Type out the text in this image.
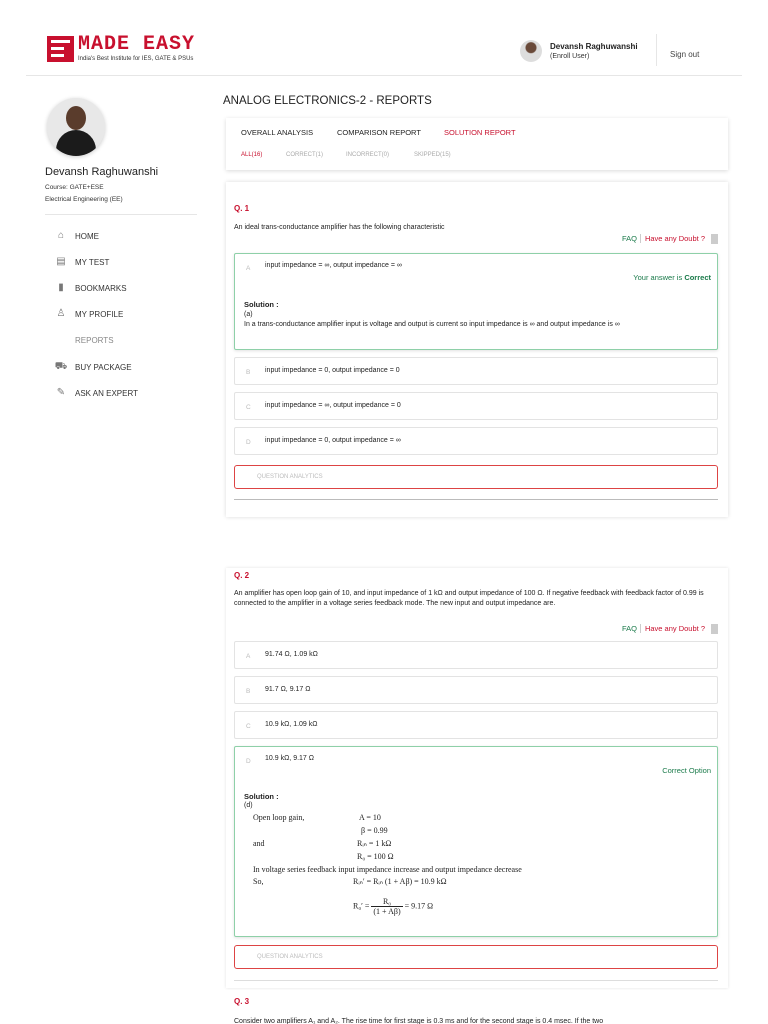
MADE EASY
India's Best Institute for IES, GATE & PSUs
Devansh Raghuwanshi
(Enroll User)	Sign out
Devansh Raghuwanshi
Course: GATE+ESE
Electrical Engineering (EE)
⌂	HOME
▤ MY TEST
▮	BOOKMARKS
♙	MY PROFILE
REPORTS
⛟ BUY PACKAGE
✎	ASK AN EXPERT
ANALOG ELECTRONICS-2 - REPORTS
OVERALL ANALYSIS	COMPARISON REPORT	SOLUTION REPORT
ALL(16)	CORRECT(1)	INCORRECT(0)	SKIPPED(15)
Q. 1
An ideal trans-conductance amplifier has the following characteristic
FAQ Have any Doubt ?
A input impedance = ∞, output impedance = ∞
Your answer is Correct
Solution :
(a)
In a trans-conductance amplifier input is voltage and output is current so input impedance is ∞ and output impedance is ∞
B input impedance = 0, output impedance = 0
C input impedance = ∞, output impedance = 0
D input impedance = 0, output impedance = ∞
QUESTION ANALYTICS
Q. 2
An amplifier has open loop gain of 10, and input impedance of 1 kΩ and output impedance of 100 Ω. If negative feedback with feedback factor of 0.99 is connected to the amplifier in a voltage series feedback mode. The new input and output impedance are.
FAQ Have any Doubt ?
A 91.74 Ω, 1.09 kΩ
B 91.7 Ω, 9.17 Ω
C 10.9 kΩ, 1.09 kΩ
D 10.9 kΩ, 9.17 Ω
Correct Option
Solution :
(d)
Open loop gain,	A = 10
β = 0.99
and	Rᵢₙ = 1 kΩ
R₀ = 100 Ω
In voltage series feedback input impedance increase and output impedance decrease
So,	Rᵢₙ′ = Rᵢₙ (1 + Aβ) = 10.9 kΩ
$R_0' = \frac{\text{R₀}}{(1 + A\beta)} = 9.17$ Ω
QUESTION ANALYTICS
Q. 3
Consider two amplifiers A₁ and A₂. The rise time for first stage is 0.3 ms and for the second stage is 0.4 msec. If the two
